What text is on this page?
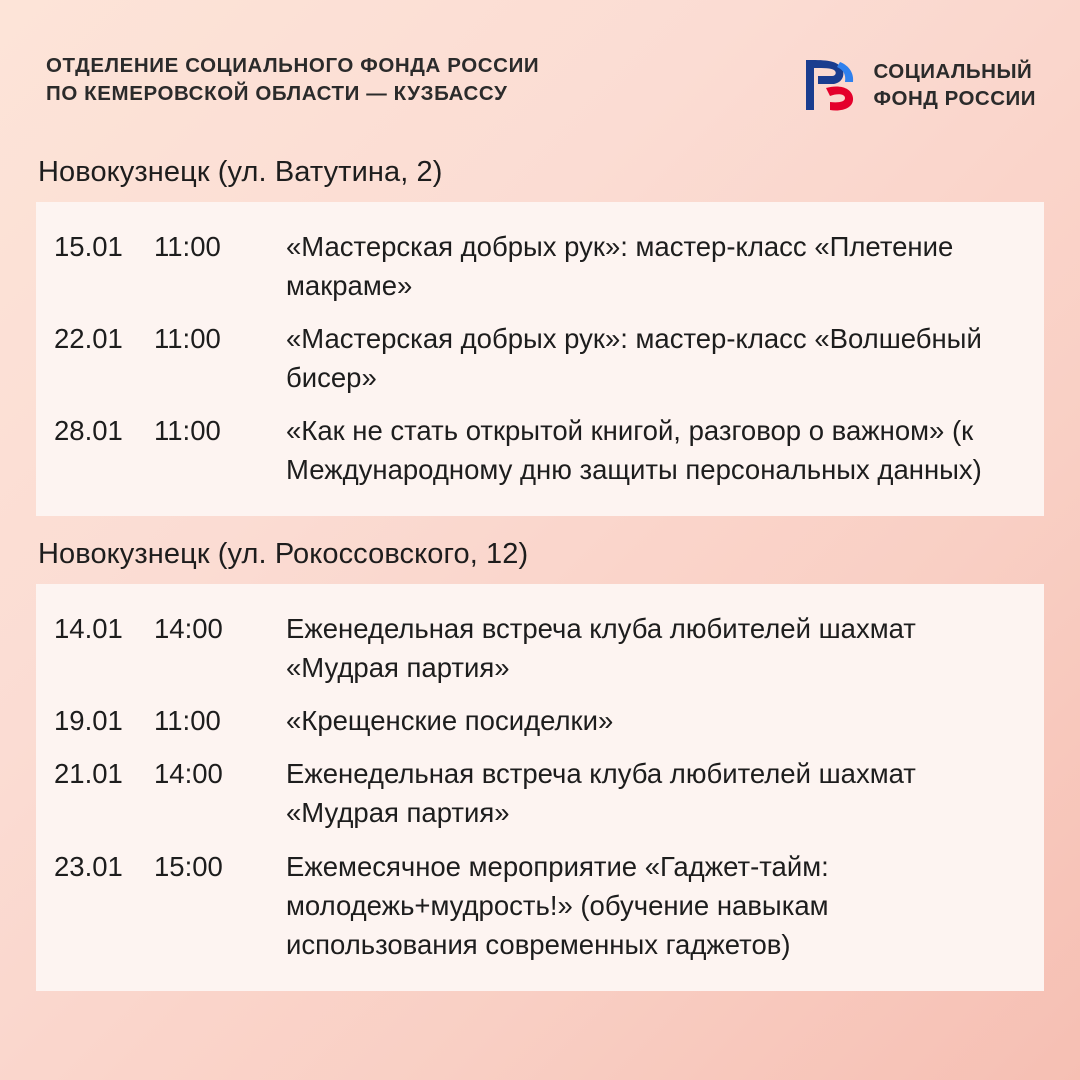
ОТДЕЛЕНИЕ СОЦИАЛЬНОГО ФОНДА РОССИИ
ПО КЕМЕРОВСКОЙ ОБЛАСТИ — КУЗБАССУ
СОЦИАЛЬНЫЙ
ФОНД РОССИИ
Новокузнецк (ул. Ватутина, 2)
15.01	11:00	«Мастерская добрых рук»: мастер-класс «Плетение макраме»
22.01	11:00	«Мастерская добрых рук»: мастер-класс «Волшебный бисер»
28.01	11:00	«Как не стать открытой книгой, разговор о важном» (к Международному дню защиты персональных данных)
Новокузнецк (ул. Рокоссовского, 12)
14.01	14:00	Еженедельная встреча клуба любителей шахмат «Мудрая партия»
19.01	11:00	«Крещенские посиделки»
21.01	14:00	Еженедельная встреча клуба любителей шахмат «Мудрая партия»
23.01	15:00	Ежемесячное мероприятие «Гаджет-тайм: молодежь+мудрость!» (обучение навыкам использования современных гаджетов)
